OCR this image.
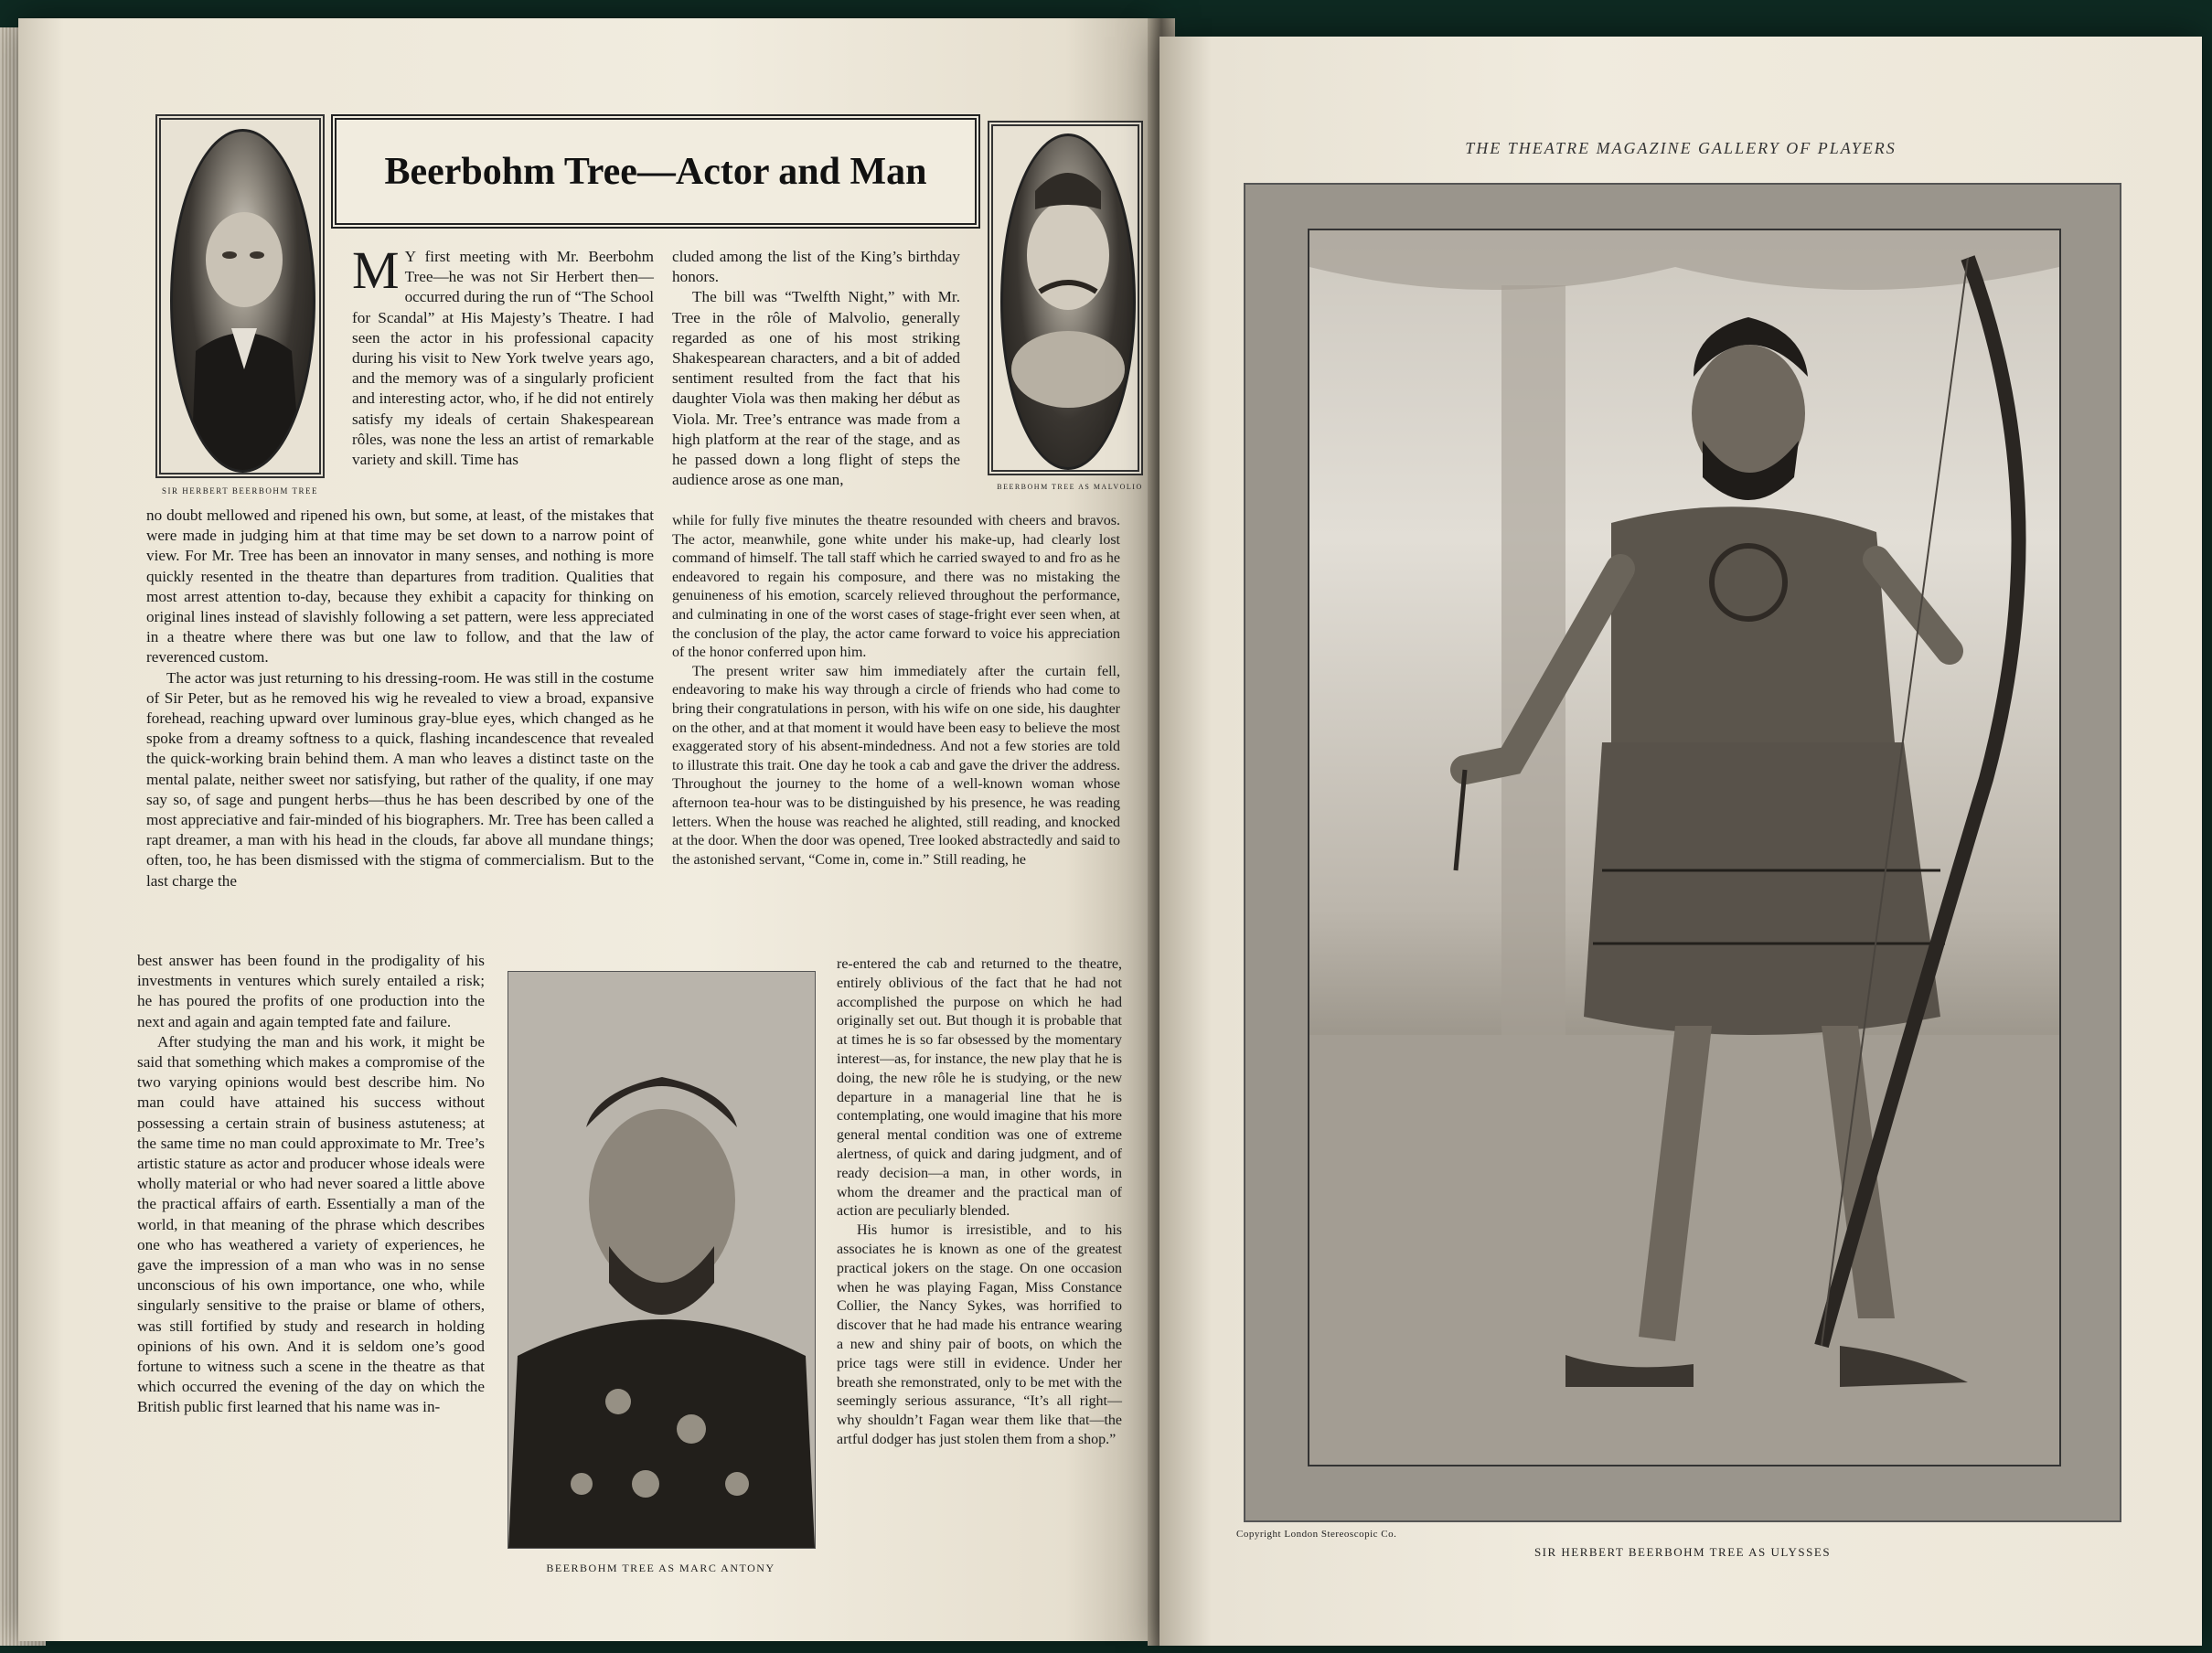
SIR HERBERT BEERBOHM TREE
Beerbohm Tree—Actor and Man
BEERBOHM TREE AS MALVOLIO

M Y first meeting with Mr. Beerbohm Tree—he was not Sir Herbert then—occurred during the run of “The School for Scandal” at His Majesty’s Theatre. I had seen the actor in his professional capacity during his visit to New York twelve years ago, and the memory was of a singularly proficient and interesting actor, who, if he did not entirely satisfy my ideals of certain Shakespearean rôles, was none the less an artist of remarkable variety and skill. Time has

no doubt mellowed and ripened his own, but some, at least, of the mistakes that were made in judging him at that time may be set down to a narrow point of view. For Mr. Tree has been an innovator in many senses, and nothing is more quickly resented in the theatre than departures from tradition. Qualities that most arrest attention to-day, because they exhibit a capacity for thinking on original lines instead of slavishly following a set pattern, were less appreciated in a theatre where there was but one law to follow, and that the law of reverenced custom.

The actor was just returning to his dressing-room. He was still in the costume of Sir Peter, but as he removed his wig he revealed to view a broad, expansive forehead, reaching upward over luminous gray-blue eyes, which changed as he spoke from a dreamy softness to a quick, flashing incandescence that revealed the quick-working brain behind them. A man who leaves a distinct taste on the mental palate, neither sweet nor satisfying, but rather of the quality, if one may say so, of sage and pungent herbs—thus he has been described by one of the most appreciative and fair-minded of his biographers. Mr. Tree has been called a rapt dreamer, a man with his head in the clouds, far above all mundane things; often, too, he has been dismissed with the stigma of commercialism. But to the last charge the

best answer has been found in the prodigality of his investments in ventures which surely entailed a risk; he has poured the profits of one production into the next and again and again tempted fate and failure.

After studying the man and his work, it might be said that something which makes a compromise of the two varying opinions would best describe him. No man could have attained his success without possessing a certain strain of business astuteness; at the same time no man could approximate to Mr. Tree’s artistic stature as actor and producer whose ideals were wholly material or who had never soared a little above the practical affairs of earth. Essentially a man of the world, in that meaning of the phrase which describes one who has weathered a variety of experiences, he gave the impression of a man who was in no sense unconscious of his own importance, one who, while singularly sensitive to the praise or blame of others, was still fortified by study and research in holding opinions of his own. And it is seldom one’s good fortune to witness such a scene in the theatre as that which occurred the evening of the day on which the British public first learned that his name was in-

cluded among the list of the King’s birthday honors.

The bill was “Twelfth Night,” with Mr. Tree in the rôle of Malvolio, generally regarded as one of his most striking Shakespearean characters, and a bit of added sentiment resulted from the fact that his daughter Viola was then making her début as Viola. Mr. Tree’s entrance was made from a high platform at the rear of the stage, and as he passed down a long flight of steps the audience arose as one man,

while for fully five minutes the theatre resounded with cheers and bravos. The actor, meanwhile, gone white under his make-up, had clearly lost command of himself. The tall staff which he carried swayed to and fro as he endeavored to regain his composure, and there was no mistaking the genuineness of his emotion, scarcely relieved throughout the performance, and culminating in one of the worst cases of stage-fright ever seen when, at the conclusion of the play, the actor came forward to voice his appreciation of the honor conferred upon him.

The present writer saw him immediately after the curtain fell, endeavoring to make his way through a circle of friends who had come to bring their congratulations in person, with his wife on one side, his daughter on the other, and at that moment it would have been easy to believe the most exaggerated story of his absent-mindedness. And not a few stories are told to illustrate this trait. One day he took a cab and gave the driver the address. Throughout the journey to the home of a well-known woman whose afternoon tea-hour was to be distinguished by his presence, he was reading letters. When the house was reached he alighted, still reading, and knocked at the door. When the door was opened, Tree looked abstractedly and said to the astonished servant, “Come in, come in.” Still reading, he

re-entered the cab and returned to the theatre, entirely oblivious of the fact that he had not accomplished the purpose on which he had originally set out. But though it is probable that at times he is so far obsessed by the momentary interest—as, for instance, the new play that he is doing, the new rôle he is studying, or the new departure in a managerial line that he is contemplating, one would imagine that his more general mental condition was one of extreme alertness, of quick and daring judgment, and of ready decision—a man, in other words, in whom the dreamer and the practical man of action are peculiarly blended.

His humor is irresistible, and to his associates he is known as one of the greatest practical jokers on the stage. On one occasion when he was playing Fagan, Miss Constance Collier, the Nancy Sykes, was horrified to discover that he had made his entrance wearing a new and shiny pair of boots, on which the price tags were still in evidence. Under her breath she remonstrated, only to be met with the seemingly serious assurance, “It’s all right—why shouldn’t Fagan wear them like that—the artful dodger has just stolen them from a shop.”

BEERBOHM TREE AS MARC ANTONY
THE THEATRE MAGAZINE GALLERY OF PLAYERS
Copyright London Stereoscopic Co.
SIR HERBERT BEERBOHM TREE AS ULYSSES
